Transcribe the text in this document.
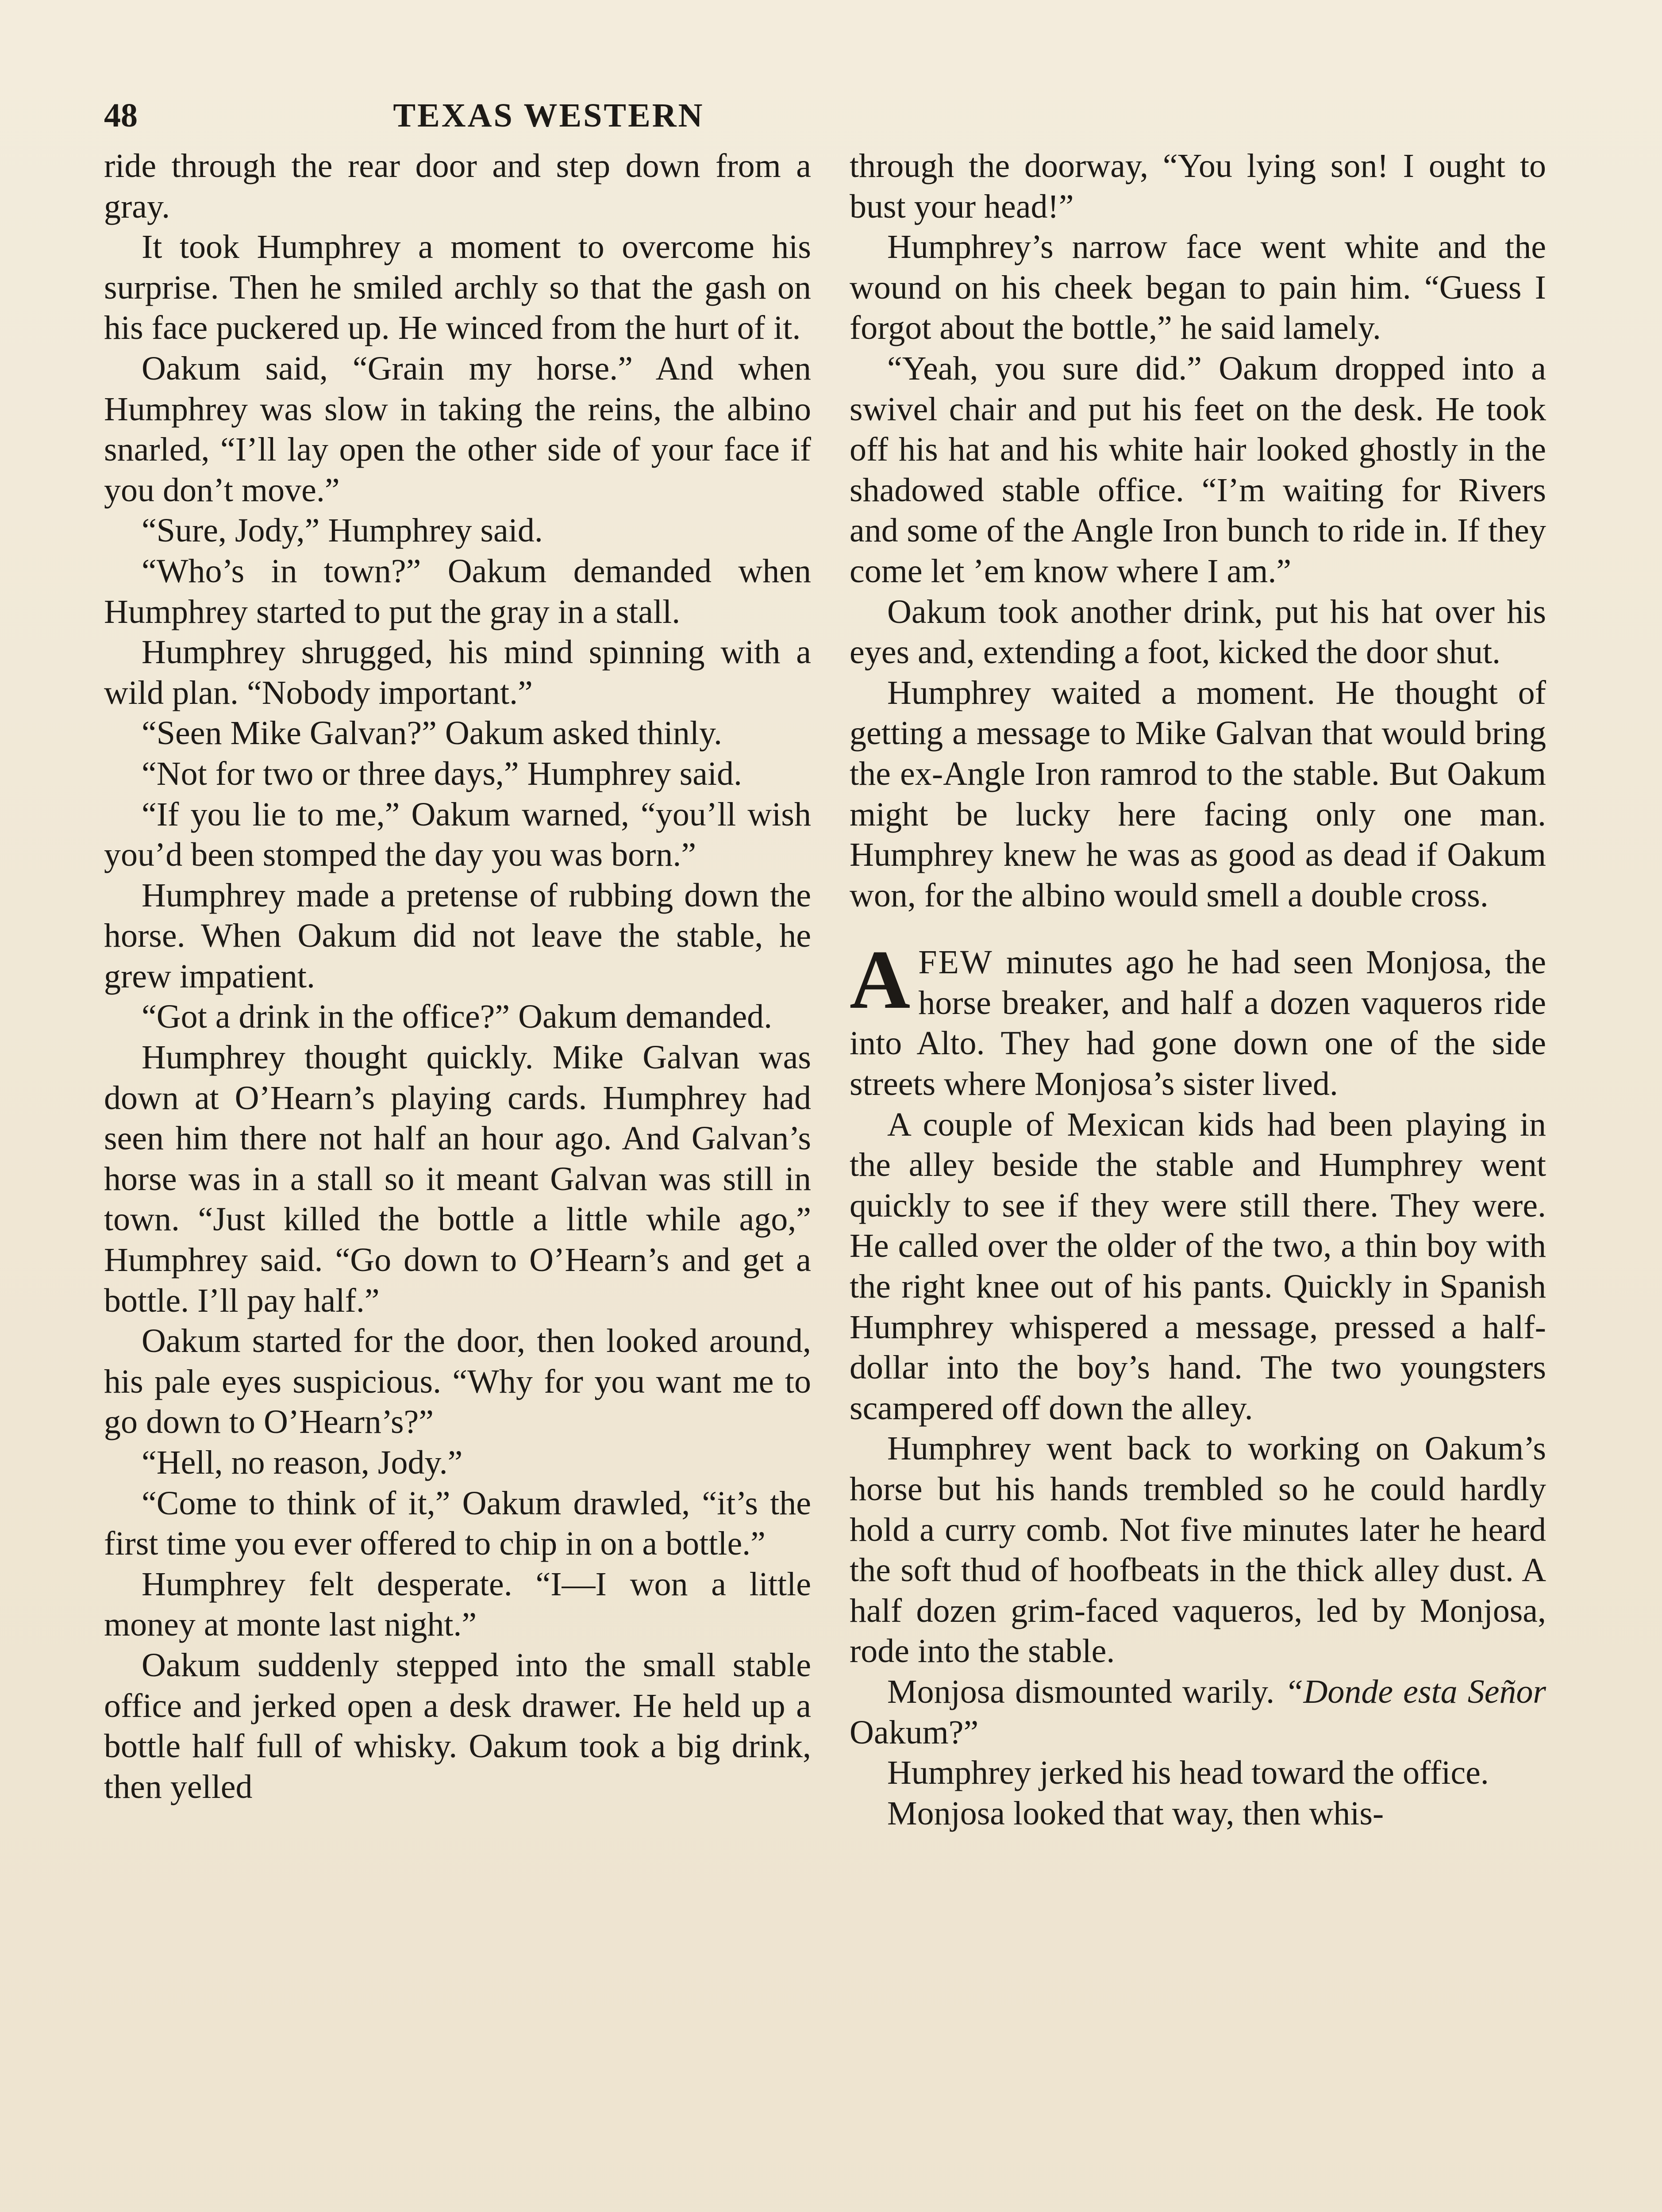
48	TEXAS WESTERN

ride through the rear door and step down from a gray.

It took Humphrey a moment to overcome his surprise. Then he smiled archly so that the gash on his face puckered up. He winced from the hurt of it.

Oakum said, “Grain my horse.” And when Humphrey was slow in taking the reins, the albino snarled, “I’ll lay open the other side of your face if you don’t move.”

“Sure, Jody,” Humphrey said.

“Who’s in town?” Oakum demanded when Humphrey started to put the gray in a stall.

Humphrey shrugged, his mind spinning with a wild plan. “Nobody important.”

“Seen Mike Galvan?” Oakum asked thinly.

“Not for two or three days,” Humphrey said.

“If you lie to me,” Oakum warned, “you’ll wish you’d been stomped the day you was born.”

Humphrey made a pretense of rubbing down the horse. When Oakum did not leave the stable, he grew impatient.

“Got a drink in the office?” Oakum demanded.

Humphrey thought quickly. Mike Galvan was down at O’Hearn’s playing cards. Humphrey had seen him there not half an hour ago. And Galvan’s horse was in a stall so it meant Galvan was still in town. “Just killed the bottle a little while ago,” Humphrey said. “Go down to O’Hearn’s and get a bottle. I’ll pay half.”

Oakum started for the door, then looked around, his pale eyes suspicious. “Why for you want me to go down to O’Hearn’s?”

“Hell, no reason, Jody.”

“Come to think of it,” Oakum drawled, “it’s the first time you ever offered to chip in on a bottle.”

Humphrey felt desperate. “I—I won a little money at monte last night.”

Oakum suddenly stepped into the small stable office and jerked open a desk drawer. He held up a bottle half full of whisky. Oakum took a big drink, then yelled

through the doorway, “You lying son! I ought to bust your head!”

Humphrey’s narrow face went white and the wound on his cheek began to pain him. “Guess I forgot about the bottle,” he said lamely.

“Yeah, you sure did.” Oakum dropped into a swivel chair and put his feet on the desk. He took off his hat and his white hair looked ghostly in the shadowed stable office. “I’m waiting for Rivers and some of the Angle Iron bunch to ride in. If they come let ’em know where I am.”

Oakum took another drink, put his hat over his eyes and, extending a foot, kicked the door shut.

Humphrey waited a moment. He thought of getting a message to Mike Galvan that would bring the ex-Angle Iron ramrod to the stable. But Oakum might be lucky here facing only one man. Humphrey knew he was as good as dead if Oakum won, for the albino would smell a double cross.

AFEW minutes ago he had seen Monjosa, the horse breaker, and half a dozen vaqueros ride into Alto. They had gone down one of the side streets where Monjosa’s sister lived.

A couple of Mexican kids had been playing in the alley beside the stable and Humphrey went quickly to see if they were still there. They were. He called over the older of the two, a thin boy with the right knee out of his pants. Quickly in Spanish Humphrey whispered a message, pressed a half-dollar into the boy’s hand. The two youngsters scampered off down the alley.

Humphrey went back to working on Oakum’s horse but his hands trembled so he could hardly hold a curry comb. Not five minutes later he heard the soft thud of hoofbeats in the thick alley dust. A half dozen grim-faced vaqueros, led by Monjosa, rode into the stable.

Monjosa dismounted warily. “Donde esta Señor Oakum?”

Humphrey jerked his head toward the office.

Monjosa looked that way, then whis-
